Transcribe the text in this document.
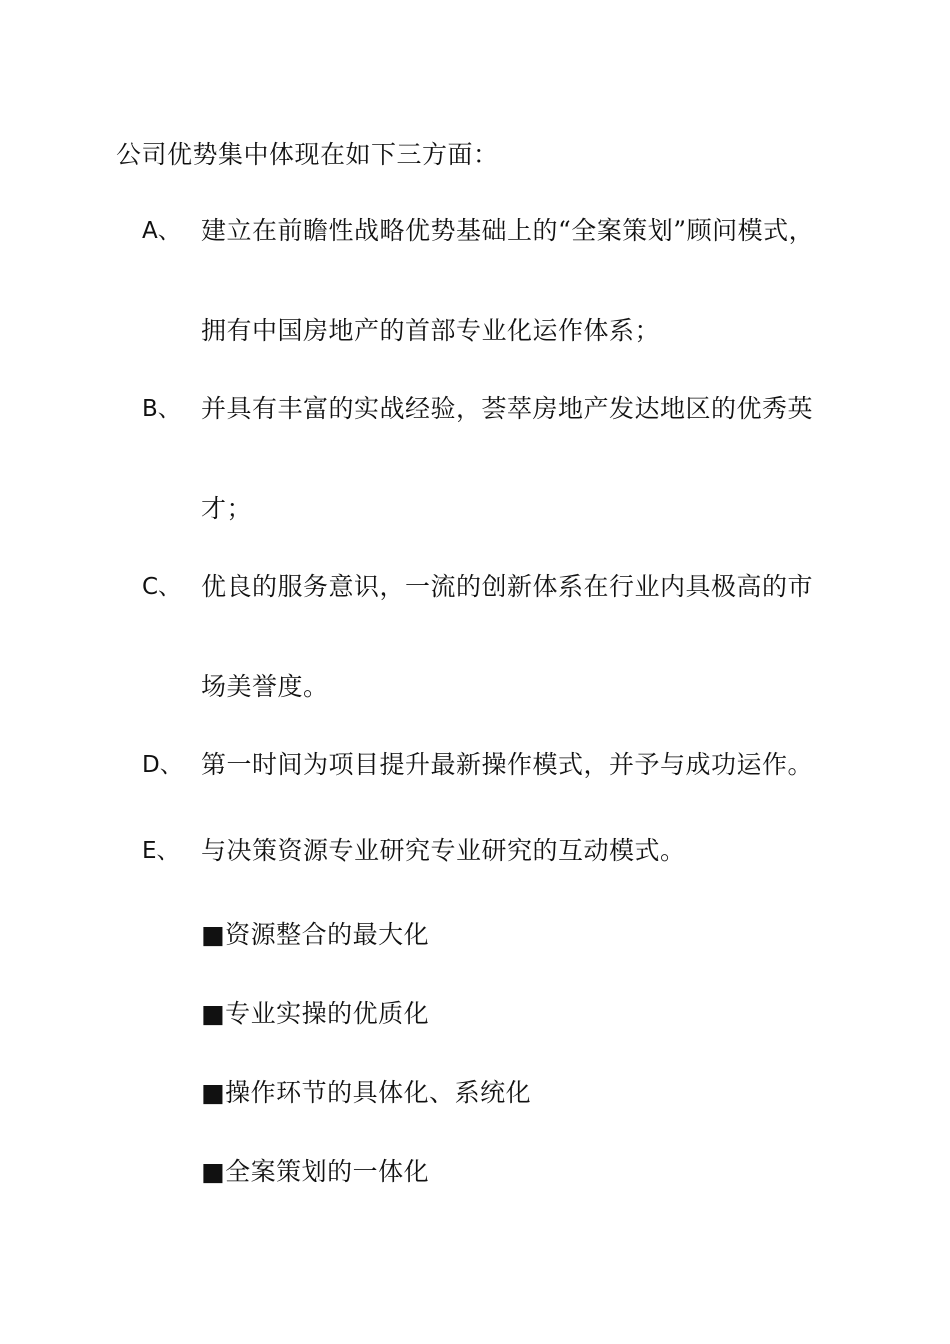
公司优势集中体现在如下三方面：
A、 建立在前瞻性战略优势基础上的“全案策划”顾问模式，
拥有中国房地产的首部专业化运作体系；
B、 并具有丰富的实战经验，荟萃房地产发达地区的优秀英
才；
C、 优良的服务意识，一流的创新体系在行业内具极高的市
场美誉度。
D、 第一时间为项目提升最新操作模式，并予与成功运作。
E、 与决策资源专业研究专业研究的互动模式。
■资源整合的最大化
■专业实操的优质化
■操作环节的具体化、系统化
■全案策划的一体化
